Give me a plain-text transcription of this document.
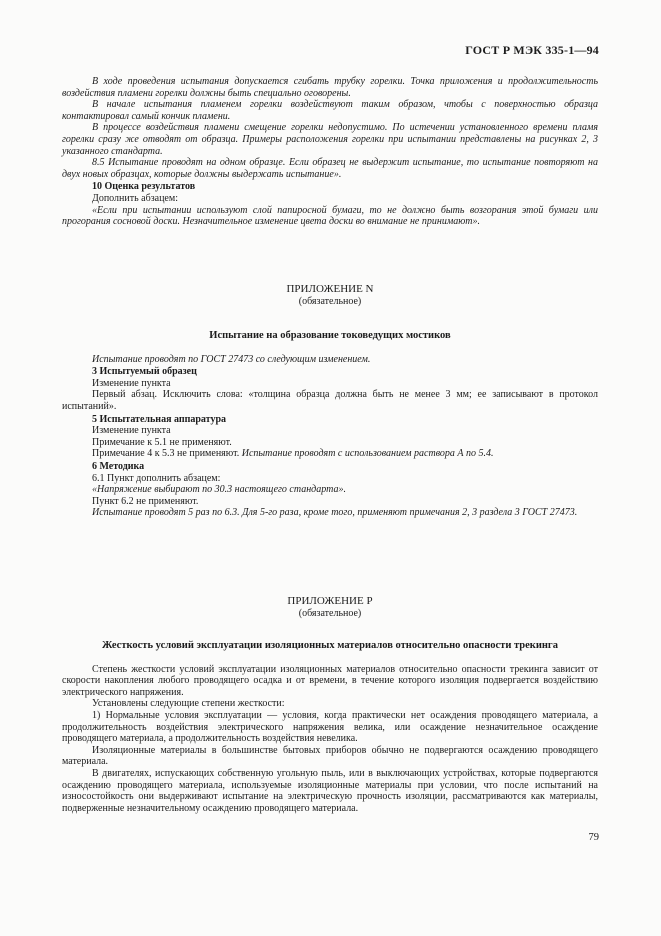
ГОСТ Р МЭК 335-1—94

В ходе проведения испытания допускается сгибать трубку горелки. Точка приложения и продолжительность воздействия пламени горелки должны быть специально оговорены.

В начале испытания пламенем горелки воздействуют таким образом, чтобы с поверхностью образца контактировал самый кончик пламени.

В процессе воздействия пламени смещение горелки недопустимо. По истечении установленного времени пламя горелки сразу же отводят от образца. Примеры расположения горелки при испытании представлены на рисунках 2, 3 указанного стандарта.

8.5 Испытание проводят на одном образце. Если образец не выдержит испытание, то испытание повторяют на двух новых образцах, которые должны выдержать испытание».

10 Оценка результатов

Дополнить абзацем:

«Если при испытании используют слой папиросной бумаги, то не должно быть возгорания этой бумаги или прогорания сосновой доски. Незначительное изменение цвета доски во внимание не принимают».

ПРИЛОЖЕНИЕ N

(обязательное)

Испытание на образование токоведущих мостиков

Испытание проводят по ГОСТ 27473 со следующим изменением.

3 Испытуемый образец

Изменение пункта

Первый абзац. Исключить слова: «толщина образца должна быть не менее 3 мм; ее записывают в протокол испытаний».

5 Испытательная аппаратура

Изменение пункта

Примечание к 5.1 не применяют.

Примечание 4 к 5.3 не применяют. Испытание проводят с использованием раствора А по 5.4.

6 Методика

6.1 Пункт дополнить абзацем:

«Напряжение выбирают по 30.3 настоящего стандарта».

Пункт 6.2 не применяют.

Испытание проводят 5 раз по 6.3. Для 5-го раза, кроме того, применяют примечания 2, 3 раздела 3 ГОСТ 27473.

ПРИЛОЖЕНИЕ Р

(обязательное)

Жесткость условий эксплуатации изоляционных материалов относительно опасности трекинга

Степень жесткости условий эксплуатации изоляционных материалов относительно опасности трекинга зависит от скорости накопления любого проводящего осадка и от времени, в течение которого изоляция подвергается воздействию электрического напряжения.

Установлены следующие степени жесткости:

1) Нормальные условия эксплуатации — условия, когда практически нет осаждения проводящего материала, а продолжительность воздействия электрического напряжения велика, или осаждение незначительное осаждение проводящего материала, а продолжительность воздействия невелика.

Изоляционные материалы в большинстве бытовых приборов обычно не подвергаются осаждению проводящего материала.

В двигателях, испускающих собственную угольную пыль, или в выключающих устройствах, которые подвергаются осаждению проводящего материала, используемые изоляционные материалы при условии, что после испытаний на износостойкость они выдерживают испытание на электрическую прочность изоляции, рассматриваются как материалы, подверженные незначительному осаждению проводящего материала.

79
